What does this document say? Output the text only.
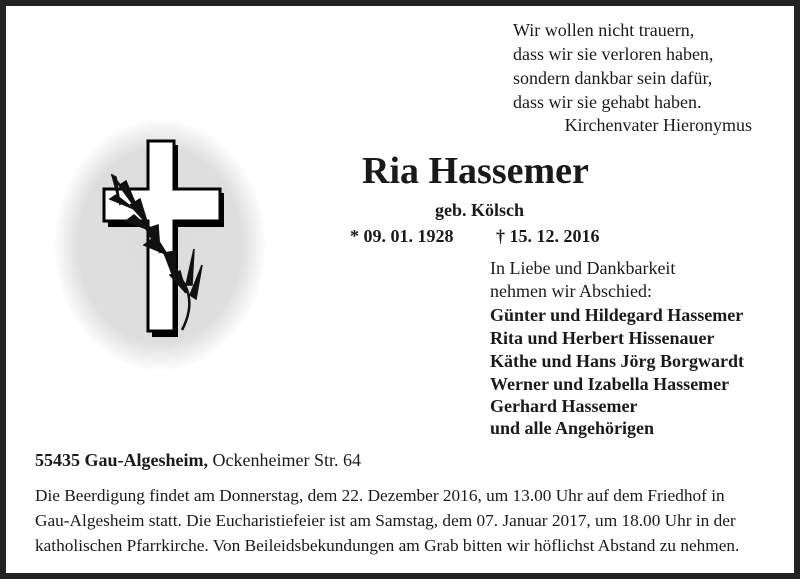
Wir wollen nicht trauern,
dass wir sie verloren haben,
sondern dankbar sein dafür,
dass wir sie gehabt haben.
Kirchenvater Hieronymus
Ria Hassemer
geb. Kölsch
* 09. 01. 1928 † 15. 12. 2016
In Liebe und Dankbarkeit
nehmen wir Abschied:
Günter und Hildegard Hassemer
Rita und Herbert Hissenauer
Käthe und Hans Jörg Borgwardt
Werner und Izabella Hassemer
Gerhard Hassemer
und alle Angehörigen
55435 Gau-Algesheim, Ockenheimer Str. 64
Die Beerdigung findet am Donnerstag, dem 22. Dezember 2016, um 13.00 Uhr auf dem Friedhof in
Gau-Algesheim statt. Die Eucharistiefeier ist am Samstag, dem 07. Januar 2017, um 18.00 Uhr in der
katholischen Pfarrkirche. Von Beileidsbekundungen am Grab bitten wir höflichst Abstand zu nehmen.
